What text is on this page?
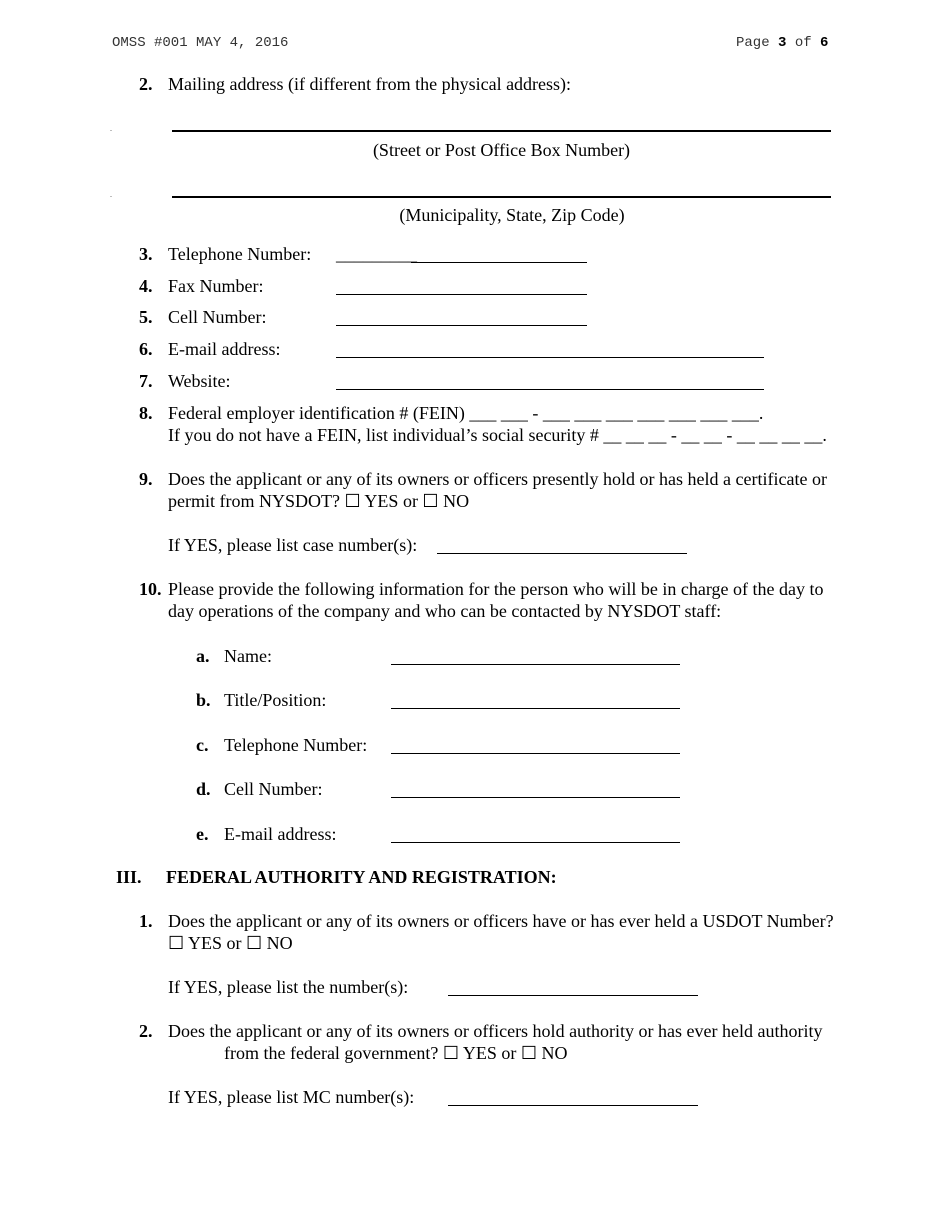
OMSS #001 MAY 4, 2016	Page 3 of 6
2. Mailing address (if different from the physical address):
.
(Street or Post Office Box Number)
.
(Municipality, State, Zip Code)
3. Telephone Number: _________
4. Fax Number:
5. Cell Number:
6. E-mail address:
7. Website:
8. Federal employer identification # (FEIN) ___ ___ - ___ ___ ___ ___ ___ ___ ___.
If you do not have a FEIN, list individual’s social security # __ __ __ - __ __ - __ __ __ __.
9. Does the applicant or any of its owners or officers presently hold or has held a certificate or
permit from NYSDOT? ☐ YES or ☐ NO
If YES, please list case number(s):
10. Please provide the following information for the person who will be in charge of the day to
day operations of the company and who can be contacted by NYSDOT staff:
a. Name:
b. Title/Position:
c. Telephone Number:
d. Cell Number:
e. E-mail address:
III. FEDERAL AUTHORITY AND REGISTRATION:
1. Does the applicant or any of its owners or officers have or has ever held a USDOT Number?
☐ YES or ☐ NO
If YES, please list the number(s):
2. Does the applicant or any of its owners or officers hold authority or has ever held authority
from the federal government? ☐ YES or ☐ NO
If YES, please list MC number(s):
